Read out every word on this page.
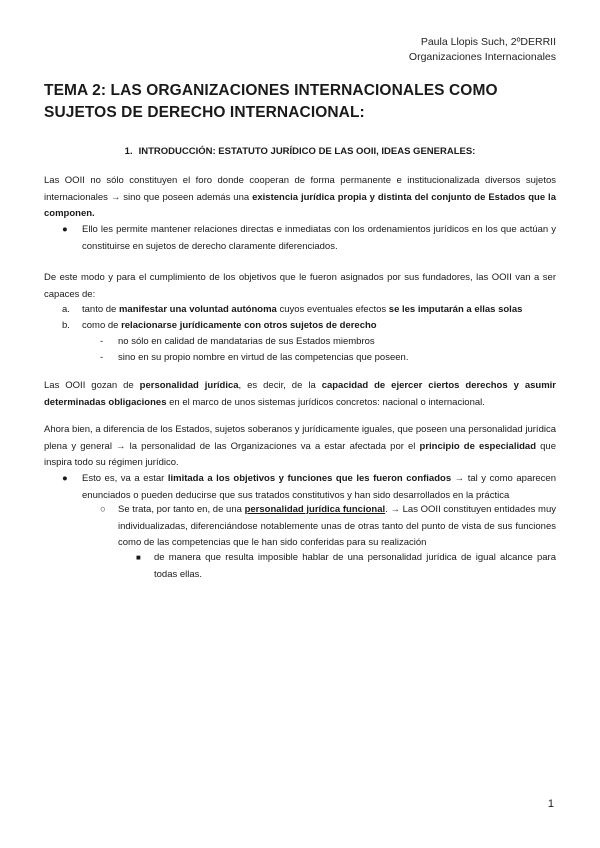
Paula Llopis Such, 2ºDERRII
Organizaciones Internacionales
TEMA 2: LAS ORGANIZACIONES INTERNACIONALES COMO SUJETOS DE DERECHO INTERNACIONAL:
1. INTRODUCCIÓN: ESTATUTO JURÍDICO DE LAS OOII, IDEAS GENERALES:
Las OOII no sólo constituyen el foro donde cooperan de forma permanente e institucionalizada diversos sujetos internacionales → sino que poseen además una existencia jurídica propia y distinta del conjunto de Estados que la componen.
● Ello les permite mantener relaciones directas e inmediatas con los ordenamientos jurídicos en los que actúan y constituirse en sujetos de derecho claramente diferenciados.
De este modo y para el cumplimiento de los objetivos que le fueron asignados por sus fundadores, las OOII van a ser capaces de:
a. tanto de manifestar una voluntad autónoma cuyos eventuales efectos se les imputarán a ellas solas
b. como de relacionarse jurídicamente con otros sujetos de derecho
- no sólo en calidad de mandatarias de sus Estados miembros
- sino en su propio nombre en virtud de las competencias que poseen.
Las OOII gozan de personalidad jurídica, es decir, de la capacidad de ejercer ciertos derechos y asumir determinadas obligaciones en el marco de unos sistemas jurídicos concretos: nacional o internacional.
Ahora bien, a diferencia de los Estados, sujetos soberanos y jurídicamente iguales, que poseen una personalidad jurídica plena y general → la personalidad de las Organizaciones va a estar afectada por el principio de especialidad que inspira todo su régimen jurídico.
● Esto es, va a estar limitada a los objetivos y funciones que les fueron confiados → tal y como aparecen enunciados o pueden deducirse que sus tratados constitutivos y han sido desarrollados en la práctica
○ Se trata, por tanto en, de una personalidad jurídica funcional. → Las OOII constituyen entidades muy individualizadas, diferenciándose notablemente unas de otras tanto del punto de vista de sus funciones como de las competencias que le han sido conferidas para su realización
■ de manera que resulta imposible hablar de una personalidad jurídica de igual alcance para todas ellas.
1
